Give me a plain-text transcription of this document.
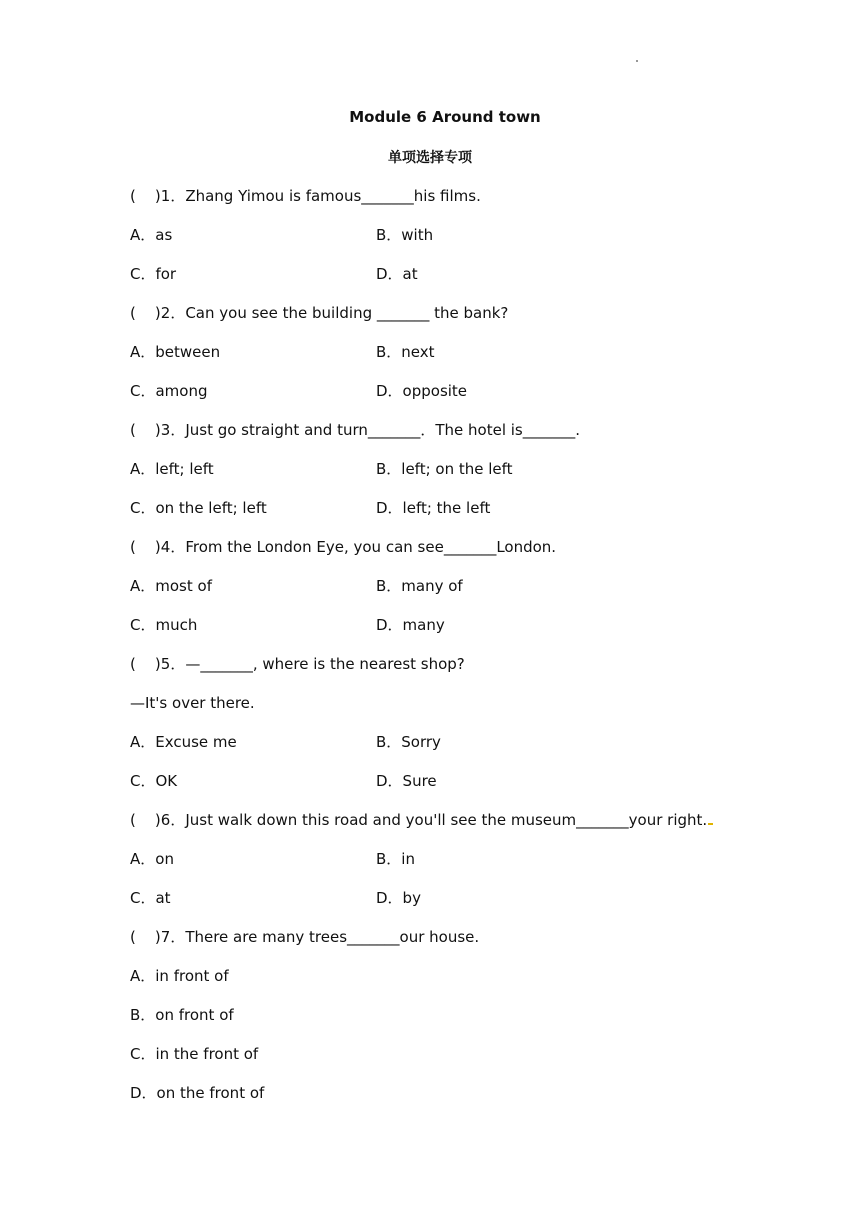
Module 6 Around town
单项选择专项
(    )1．Zhang Yimou is famous_______his films.
A．as	B．with
C．for	D．at
(    )2．Can you see the building _______ the bank?
A．between	B．next
C．among	D．opposite
(    )3．Just go straight and turn_______．The hotel is_______.
A．left; left	B．left; on the left
C．on the left; left	D．left; the left
(    )4．From the London Eye, you can see_______London.
A．most of	B．many of
C．much	D．many
(    )5．—_______, where is the nearest shop?
—It's over there.
A．Excuse me	B．Sorry
C．OK	D．Sure
(    )6．Just walk down this road and you'll see the museum_______your right.
A．on	B．in
C．at	D．by
(    )7．There are many trees_______our house.
A．in front of
B．on front of
C．in the front of
D．on the front of
